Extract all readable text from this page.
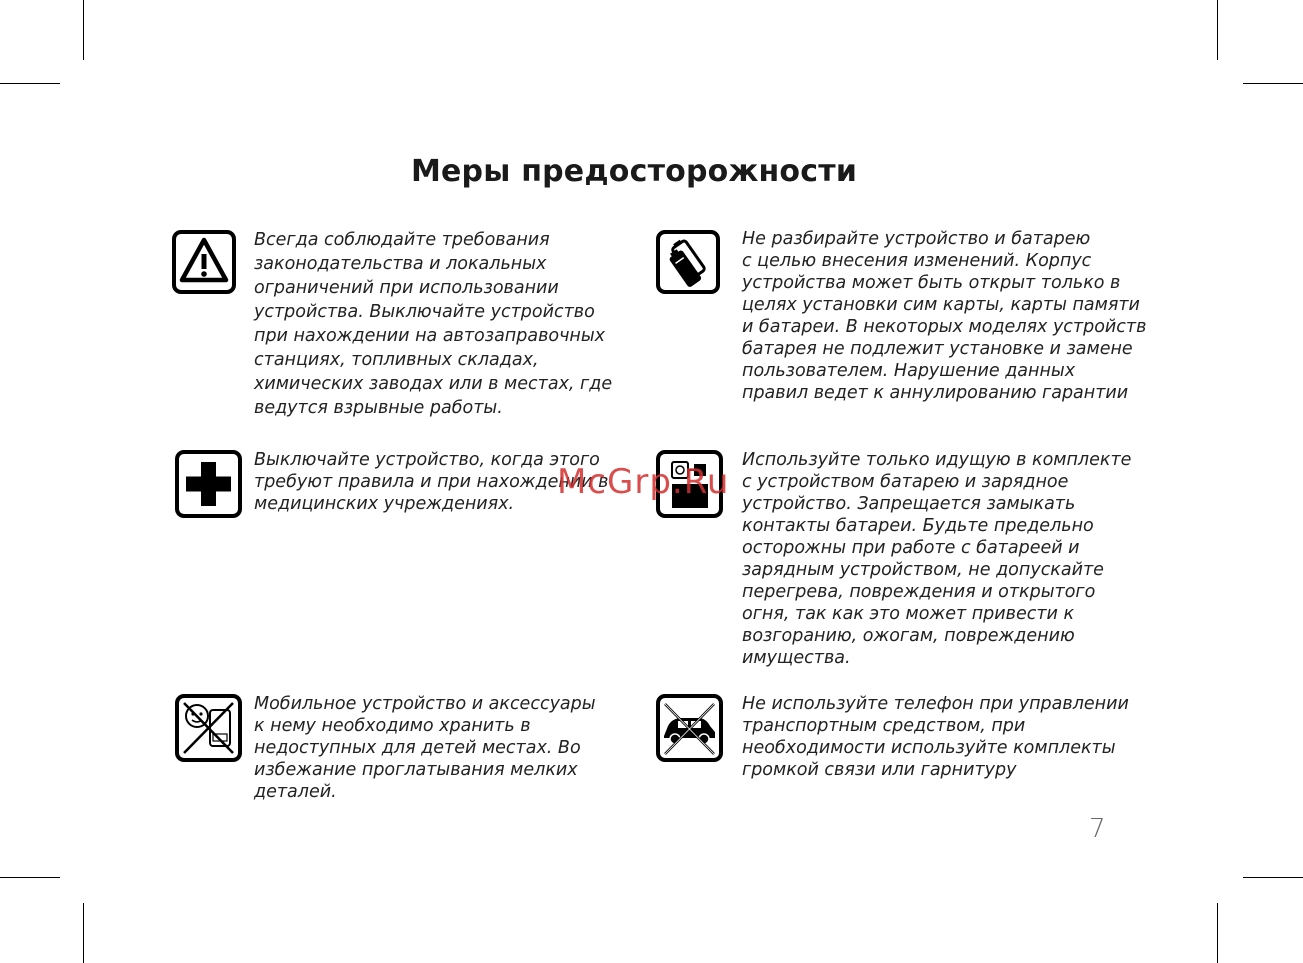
Меры предосторожности
Всегда соблюдайте требования
законодательства и локальных
ограничений при использовании
устройства. Выключайте устройство
при нахождении на автозаправочных
станциях, топливных складах,
химических заводах или в местах, где
ведутся взрывные работы.
Не разбирайте устройство и батарею
с целью внесения изменений. Корпус
устройства может быть открыт только в
целях установки сим карты, карты памяти
и батареи. В некоторых моделях устройств
батарея не подлежит установке и замене
пользователем. Нарушение данных
правил ведет к аннулированию гарантии
Выключайте устройство, когда этого
требуют правила и при нахождении в
медицинских учреждениях.
Используйте только идущую в комплекте
с устройством батарею и зарядное
устройство. Запрещается замыкать
контакты батареи. Будьте предельно
осторожны при работе с батареей и
зарядным устройством, не допускайте
перегрева, повреждения и открытого
огня, так как это может привести к
возгоранию, ожогам, повреждению
имущества.
Мобильное устройство и аксессуары
к нему необходимо хранить в
недоступных для детей местах. Во
избежание проглатывания мелких
деталей.
Не используйте телефон при управлении
транспортным средством, при
необходимости используйте комплекты
громкой связи или гарнитуру
McGrp.Ru
7
